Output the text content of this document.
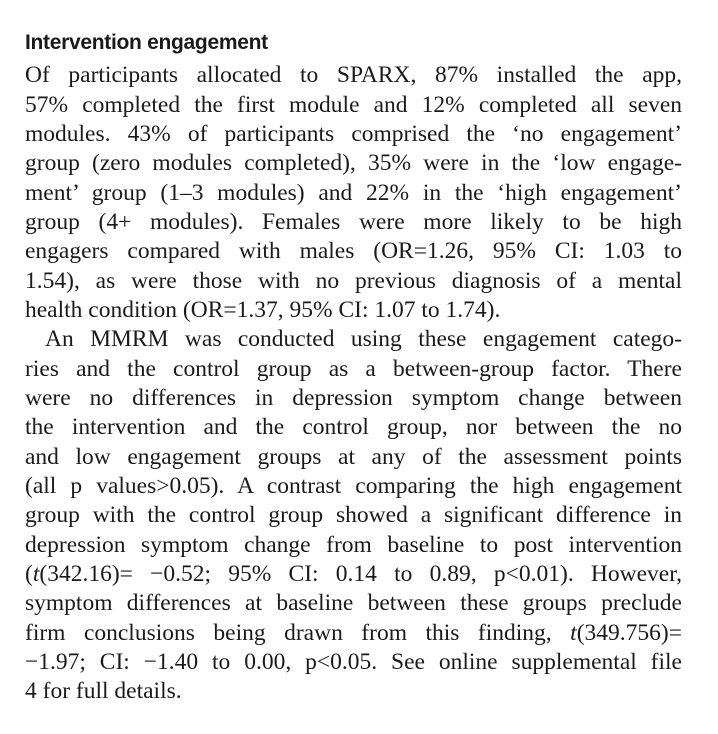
Intervention engagement
Of participants allocated to SPARX, 87% installed the app,
57% completed the first module and 12% completed all seven
modules. 43% of participants comprised the ‘no engagement’
group (zero modules completed), 35% were in the ‘low engage-
ment’ group (1–3 modules) and 22% in the ‘high engagement’
group (4+ modules). Females were more likely to be high
engagers compared with males (OR=1.26, 95% CI: 1.03 to
1.54), as were those with no previous diagnosis of a mental
health condition (OR=1.37, 95% CI: 1.07 to 1.74).
An MMRM was conducted using these engagement catego-
ries and the control group as a between-group factor. There
were no differences in depression symptom change between
the intervention and the control group, nor between the no
and low engagement groups at any of the assessment points
(all p values>0.05). A contrast comparing the high engagement
group with the control group showed a significant difference in
depression symptom change from baseline to post intervention
(t(342.16)= −0.52; 95% CI: 0.14 to 0.89, p<0.01). However,
symptom differences at baseline between these groups preclude
firm conclusions being drawn from this finding, t(349.756)=
−1.97; CI: −1.40 to 0.00, p<0.05. See online supplemental file
4 for full details.
